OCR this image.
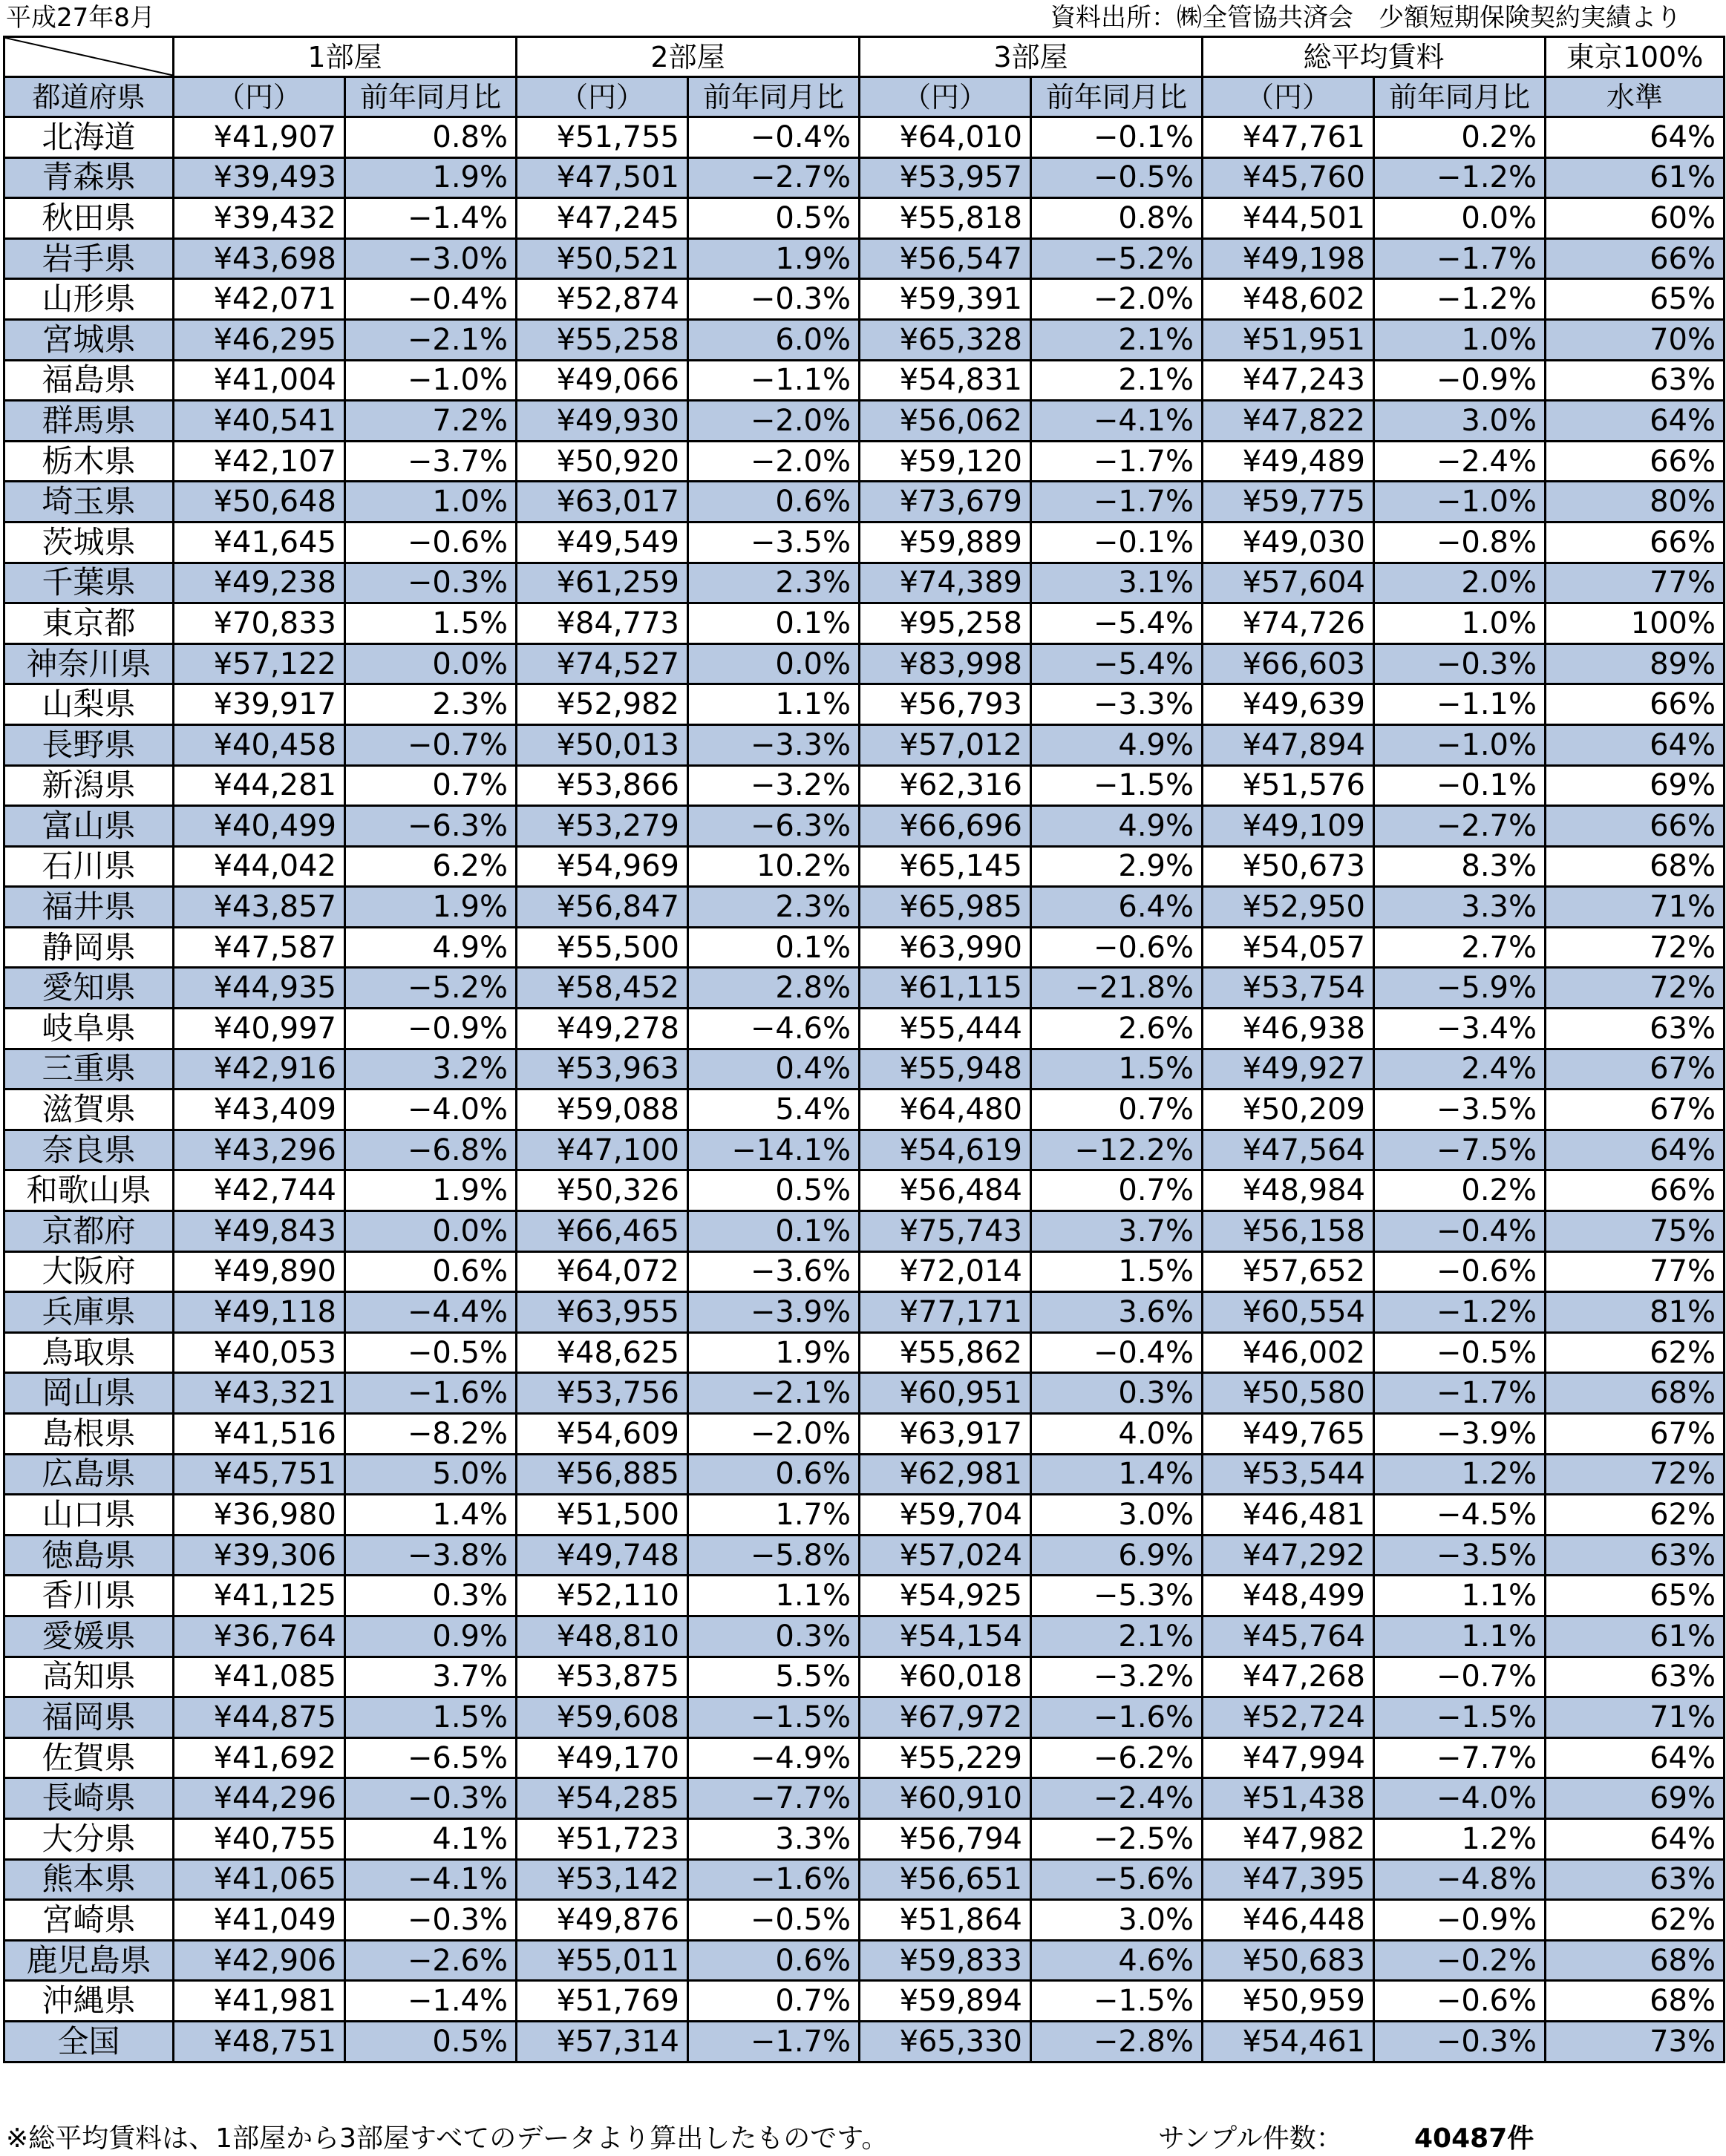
平成27年8月	資料出所：㈱全管協共済会　少額短期保険契約実績より
	1部屋		2部屋		3部屋		総平均賃料		東京100%
都道府県	（円）	前年同月比	（円）	前年同月比	（円）	前年同月比	（円）	前年同月比	水準
北海道	¥41,907	0.8%	¥51,755	−0.4%	¥64,010	−0.1%	¥47,761	0.2%	64%
青森県	¥39,493	1.9%	¥47,501	−2.7%	¥53,957	−0.5%	¥45,760	−1.2%	61%
秋田県	¥39,432	−1.4%	¥47,245	0.5%	¥55,818	0.8%	¥44,501	0.0%	60%
岩手県	¥43,698	−3.0%	¥50,521	1.9%	¥56,547	−5.2%	¥49,198	−1.7%	66%
山形県	¥42,071	−0.4%	¥52,874	−0.3%	¥59,391	−2.0%	¥48,602	−1.2%	65%
宮城県	¥46,295	−2.1%	¥55,258	6.0%	¥65,328	2.1%	¥51,951	1.0%	70%
福島県	¥41,004	−1.0%	¥49,066	−1.1%	¥54,831	2.1%	¥47,243	−0.9%	63%
群馬県	¥40,541	7.2%	¥49,930	−2.0%	¥56,062	−4.1%	¥47,822	3.0%	64%
栃木県	¥42,107	−3.7%	¥50,920	−2.0%	¥59,120	−1.7%	¥49,489	−2.4%	66%
埼玉県	¥50,648	1.0%	¥63,017	0.6%	¥73,679	−1.7%	¥59,775	−1.0%	80%
茨城県	¥41,645	−0.6%	¥49,549	−3.5%	¥59,889	−0.1%	¥49,030	−0.8%	66%
千葉県	¥49,238	−0.3%	¥61,259	2.3%	¥74,389	3.1%	¥57,604	2.0%	77%
東京都	¥70,833	1.5%	¥84,773	0.1%	¥95,258	−5.4%	¥74,726	1.0%	100%
神奈川県	¥57,122	0.0%	¥74,527	0.0%	¥83,998	−5.4%	¥66,603	−0.3%	89%
山梨県	¥39,917	2.3%	¥52,982	1.1%	¥56,793	−3.3%	¥49,639	−1.1%	66%
長野県	¥40,458	−0.7%	¥50,013	−3.3%	¥57,012	4.9%	¥47,894	−1.0%	64%
新潟県	¥44,281	0.7%	¥53,866	−3.2%	¥62,316	−1.5%	¥51,576	−0.1%	69%
富山県	¥40,499	−6.3%	¥53,279	−6.3%	¥66,696	4.9%	¥49,109	−2.7%	66%
石川県	¥44,042	6.2%	¥54,969	10.2%	¥65,145	2.9%	¥50,673	8.3%	68%
福井県	¥43,857	1.9%	¥56,847	2.3%	¥65,985	6.4%	¥52,950	3.3%	71%
静岡県	¥47,587	4.9%	¥55,500	0.1%	¥63,990	−0.6%	¥54,057	2.7%	72%
愛知県	¥44,935	−5.2%	¥58,452	2.8%	¥61,115	−21.8%	¥53,754	−5.9%	72%
岐阜県	¥40,997	−0.9%	¥49,278	−4.6%	¥55,444	2.6%	¥46,938	−3.4%	63%
三重県	¥42,916	3.2%	¥53,963	0.4%	¥55,948	1.5%	¥49,927	2.4%	67%
滋賀県	¥43,409	−4.0%	¥59,088	5.4%	¥64,480	0.7%	¥50,209	−3.5%	67%
奈良県	¥43,296	−6.8%	¥47,100	−14.1%	¥54,619	−12.2%	¥47,564	−7.5%	64%
和歌山県	¥42,744	1.9%	¥50,326	0.5%	¥56,484	0.7%	¥48,984	0.2%	66%
京都府	¥49,843	0.0%	¥66,465	0.1%	¥75,743	3.7%	¥56,158	−0.4%	75%
大阪府	¥49,890	0.6%	¥64,072	−3.6%	¥72,014	1.5%	¥57,652	−0.6%	77%
兵庫県	¥49,118	−4.4%	¥63,955	−3.9%	¥77,171	3.6%	¥60,554	−1.2%	81%
鳥取県	¥40,053	−0.5%	¥48,625	1.9%	¥55,862	−0.4%	¥46,002	−0.5%	62%
岡山県	¥43,321	−1.6%	¥53,756	−2.1%	¥60,951	0.3%	¥50,580	−1.7%	68%
島根県	¥41,516	−8.2%	¥54,609	−2.0%	¥63,917	4.0%	¥49,765	−3.9%	67%
広島県	¥45,751	5.0%	¥56,885	0.6%	¥62,981	1.4%	¥53,544	1.2%	72%
山口県	¥36,980	1.4%	¥51,500	1.7%	¥59,704	3.0%	¥46,481	−4.5%	62%
徳島県	¥39,306	−3.8%	¥49,748	−5.8%	¥57,024	6.9%	¥47,292	−3.5%	63%
香川県	¥41,125	0.3%	¥52,110	1.1%	¥54,925	−5.3%	¥48,499	1.1%	65%
愛媛県	¥36,764	0.9%	¥48,810	0.3%	¥54,154	2.1%	¥45,764	1.1%	61%
高知県	¥41,085	3.7%	¥53,875	5.5%	¥60,018	−3.2%	¥47,268	−0.7%	63%
福岡県	¥44,875	1.5%	¥59,608	−1.5%	¥67,972	−1.6%	¥52,724	−1.5%	71%
佐賀県	¥41,692	−6.5%	¥49,170	−4.9%	¥55,229	−6.2%	¥47,994	−7.7%	64%
長崎県	¥44,296	−0.3%	¥54,285	−7.7%	¥60,910	−2.4%	¥51,438	−4.0%	69%
大分県	¥40,755	4.1%	¥51,723	3.3%	¥56,794	−2.5%	¥47,982	1.2%	64%
熊本県	¥41,065	−4.1%	¥53,142	−1.6%	¥56,651	−5.6%	¥47,395	−4.8%	63%
宮崎県	¥41,049	−0.3%	¥49,876	−0.5%	¥51,864	3.0%	¥46,448	−0.9%	62%
鹿児島県	¥42,906	−2.6%	¥55,011	0.6%	¥59,833	4.6%	¥50,683	−0.2%	68%
沖縄県	¥41,981	−1.4%	¥51,769	0.7%	¥59,894	−1.5%	¥50,959	−0.6%	68%
全国	¥48,751	0.5%	¥57,314	−1.7%	¥65,330	−2.8%	¥54,461	−0.3%	73%
※総平均賃料は、1部屋から3部屋すべてのデータより算出したものです。	サンプル件数：	40487件
